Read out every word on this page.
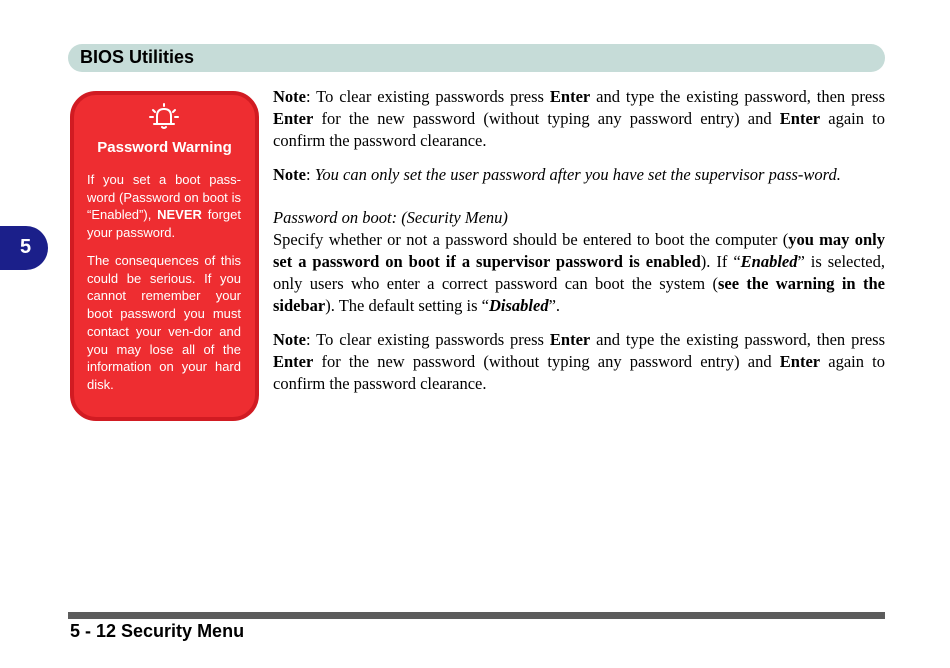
BIOS Utilities
5
Password Warning

If you set a boot pass-word (Password on boot is “Enabled”), NEVER forget your password.

The consequences of this could be serious. If you cannot remember your boot password you must contact your ven-dor and you may lose all of the information on your hard disk.

Note: To clear existing passwords press Enter and type the existing password, then press Enter for the new password (without typing any password entry) and Enter again to confirm the password clearance.

Note: You can only set the user password after you have set the supervisor pass-word.

Password on boot: (Security Menu)

Specify whether or not a password should be entered to boot the computer (you may only set a password on boot if a supervisor password is enabled). If “Enabled” is selected, only users who enter a correct password can boot the system (see the warning in the sidebar). The default setting is “Disabled”.

Note: To clear existing passwords press Enter and type the existing password, then press Enter for the new password (without typing any password entry) and Enter again to confirm the password clearance.

5 - 12 Security Menu
